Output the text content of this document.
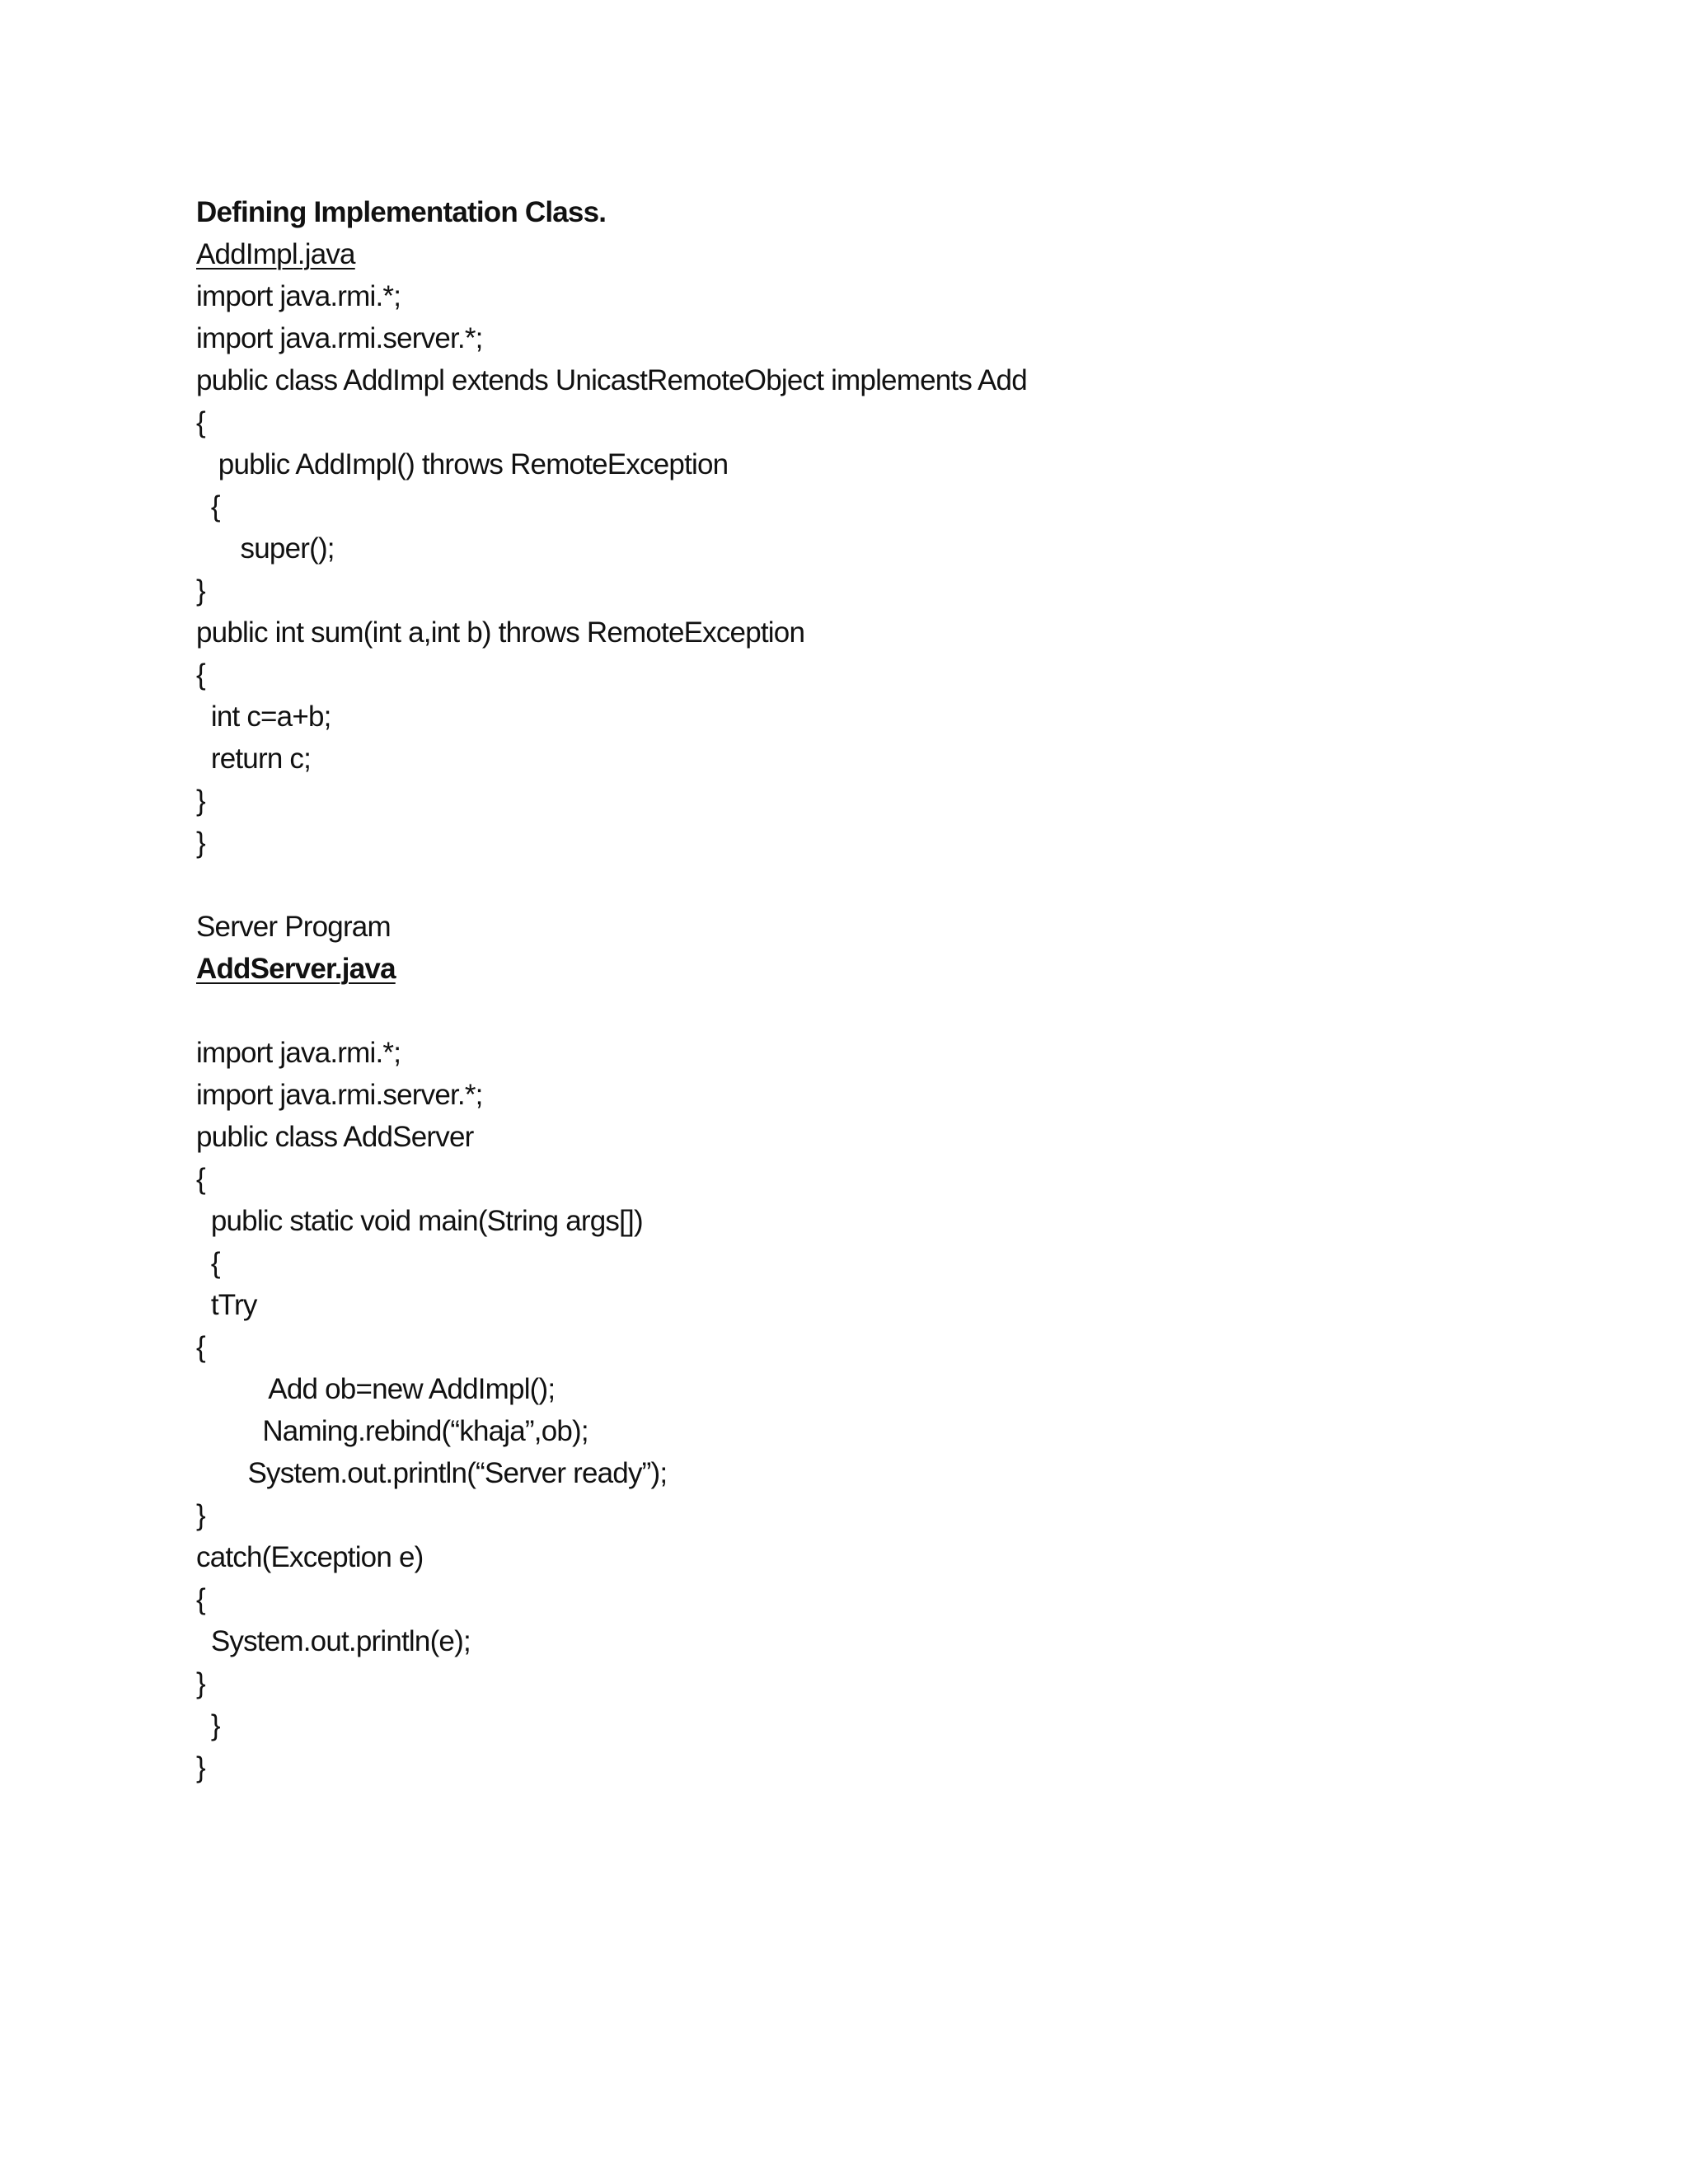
Defining Implementation Class.
AddImpl.java
import java.rmi.*;
import java.rmi.server.*;
public class AddImpl extends UnicastRemoteObject implements Add
{
public AddImpl() throws RemoteException
{
super();
}
public int sum(int a,int b) throws RemoteException
{
int c=a+b;
return c;
}
}
Server Program
AddServer.java
import java.rmi.*;
import java.rmi.server.*;
public class AddServer
{
public static void main(String args[])
{
tTry
{
Add ob=new AddImpl();
Naming.rebind(“khaja”,ob);
System.out.println(“Server ready”);
}
catch(Exception e)
{
System.out.println(e);
}
}
}
